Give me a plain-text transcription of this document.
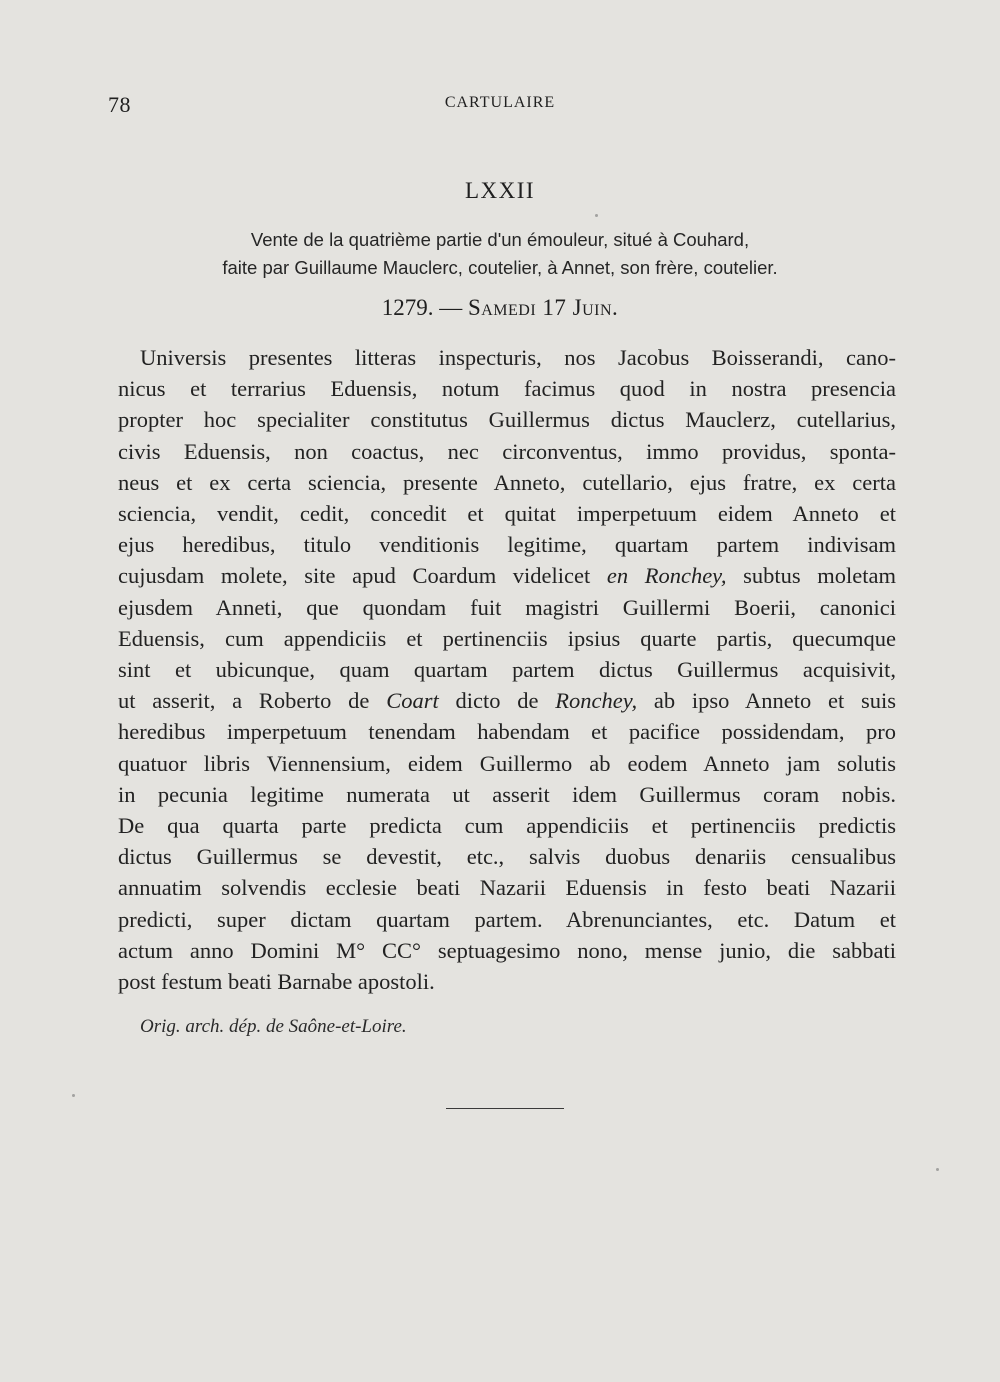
78	CARTULAIRE
LXXII
Vente de la quatrième partie d'un émouleur, situé à Couhard,
faite par Guillaume Mauclerc, coutelier, à Annet, son frère, coutelier.
1279. — Samedi 17 Juin.
Universis presentes litteras inspecturis, nos Jacobus Boisserandi, cano-
nicus et terrarius Eduensis, notum facimus quod in nostra presencia
propter hoc specialiter constitutus Guillermus dictus Mauclerz, cutellarius,
civis Eduensis, non coactus, nec circonventus, immo providus, sponta-
neus et ex certa sciencia, presente Anneto, cutellario, ejus fratre, ex certa
sciencia, vendit, cedit, concedit et quitat imperpetuum eidem Anneto et
ejus heredibus, titulo venditionis legitime, quartam partem indivisam
cujusdam molete, site apud Coardum videlicet en Ronchey, subtus moletam
ejusdem Anneti, que quondam fuit magistri Guillermi Boerii, canonici
Eduensis, cum appendiciis et pertinenciis ipsius quarte partis, quecumque
sint et ubicunque, quam quartam partem dictus Guillermus acquisivit,
ut asserit, a Roberto de Coart dicto de Ronchey, ab ipso Anneto et suis
heredibus imperpetuum tenendam habendam et pacifice possidendam, pro
quatuor libris Viennensium, eidem Guillermo ab eodem Anneto jam solutis
in pecunia legitime numerata ut asserit idem Guillermus coram nobis.
De qua quarta parte predicta cum appendiciis et pertinenciis predictis
dictus Guillermus se devestit, etc., salvis duobus denariis censualibus
annuatim solvendis ecclesie beati Nazarii Eduensis in festo beati Nazarii
predicti, super dictam quartam partem. Abrenunciantes, etc. Datum et
actum anno Domini M° CC° septuagesimo nono, mense junio, die sabbati
post festum beati Barnabe apostoli.
Orig. arch. dép. de Saône-et-Loire.
